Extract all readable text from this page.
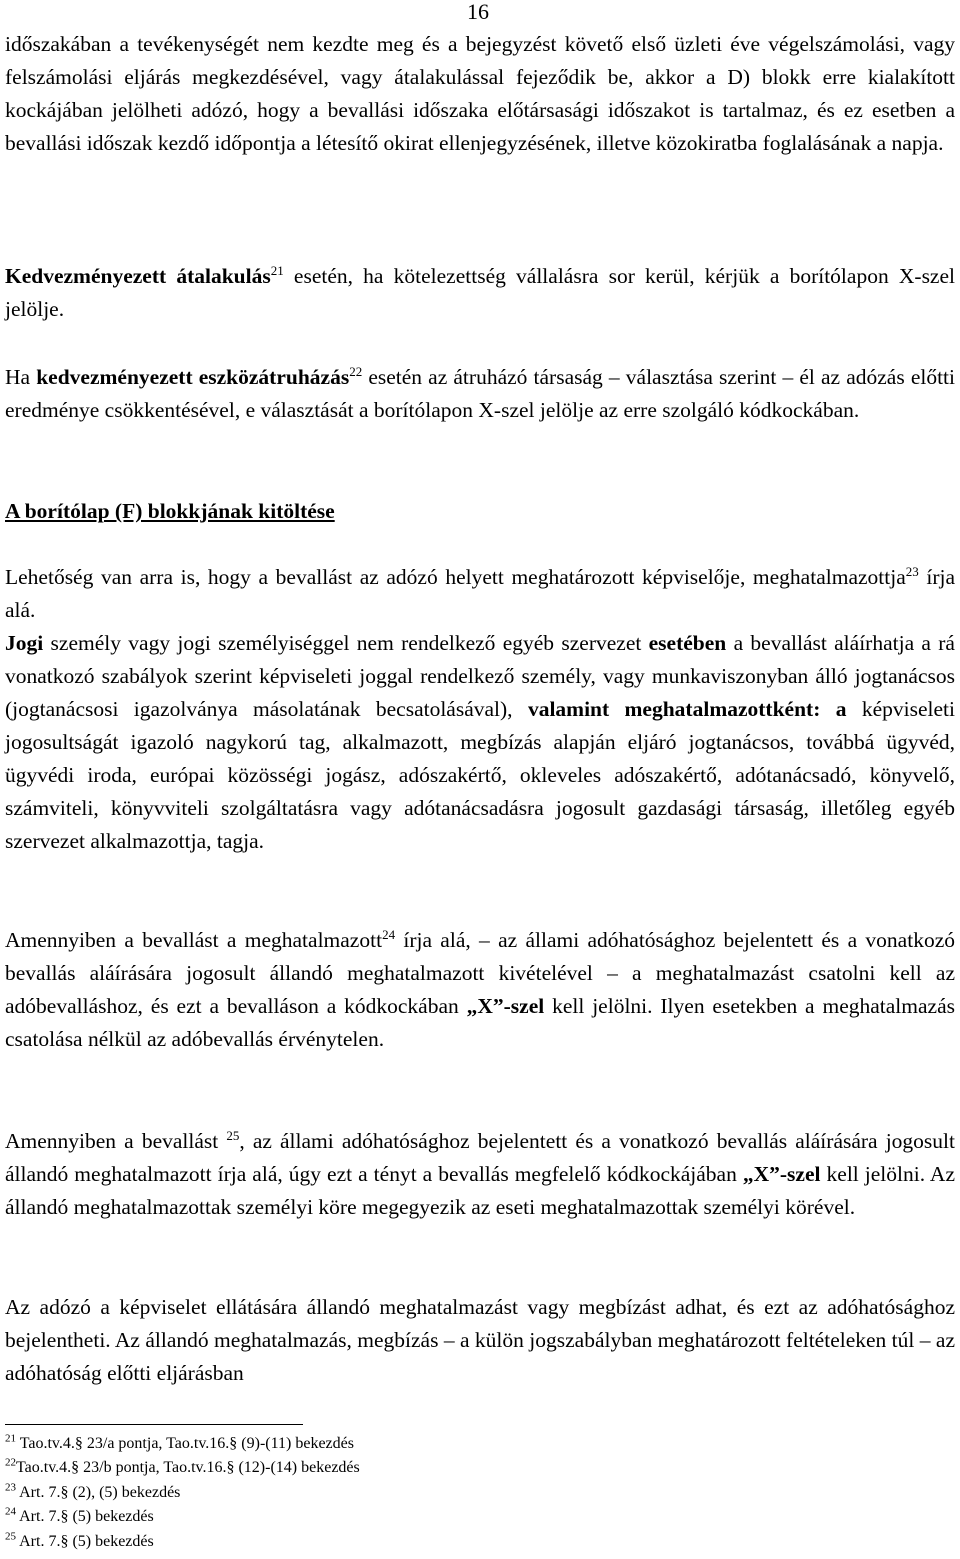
16
időszakában a tevékenységét nem kezdte meg és a bejegyzést követő első üzleti éve végelszámolási, vagy felszámolási eljárás megkezdésével, vagy átalakulással fejeződik be, akkor a D) blokk erre kialakított kockájában jelölheti adózó, hogy a bevallási időszaka előtársasági időszakot is tartalmaz, és ez esetben a bevallási időszak kezdő időpontja a létesítő okirat ellenjegyzésének, illetve közokiratba foglalásának a napja.
Kedvezményezett átalakulás$^{21}$ esetén, ha kötelezettség vállalásra sor kerül, kérjük a borítólapon X-szel jelölje.
Ha kedvezményezett eszközátruházás$^{22}$ esetén az átruházó társaság – választása szerint – él az adózás előtti eredménye csökkentésével, e választását a borítólapon X-szel jelölje az erre szolgáló kódkockában.
A borítólap (F) blokkjának kitöltése
Lehetőség van arra is, hogy a bevallást az adózó helyett meghatározott képviselője, meghatalmazottja$^{23}$ írja alá.
Jogi személy vagy jogi személyiséggel nem rendelkező egyéb szervezet esetében a bevallást aláírhatja a rá vonatkozó szabályok szerint képviseleti joggal rendelkező személy, vagy munkaviszonyban álló jogtanácsos (jogtanácsosi igazolványa másolatának becsatolásával), valamint meghatalmazottként: a képviseleti jogosultságát igazoló nagykorú tag, alkalmazott, megbízás alapján eljáró jogtanácsos, továbbá ügyvéd, ügyvédi iroda, európai közösségi jogász, adószakértő, okleveles adószakértő, adótanácsadó, könyvelő, számviteli, könyvviteli szolgáltatásra vagy adótanácsadásra jogosult gazdasági társaság, illetőleg egyéb szervezet alkalmazottja, tagja.
Amennyiben a bevallást a meghatalmazott$^{24}$ írja alá, – az állami adóhatósághoz bejelentett és a vonatkozó bevallás aláírására jogosult állandó meghatalmazott kivételével – a meghatalmazást csatolni kell az adóbevalláshoz, és ezt a bevalláson a kódkockában „X”-szel kell jelölni. Ilyen esetekben a meghatalmazás csatolása nélkül az adóbevallás érvénytelen.
Amennyiben a bevallást $^{25}$, az állami adóhatósághoz bejelentett és a vonatkozó bevallás aláírására jogosult állandó meghatalmazott írja alá, úgy ezt a tényt a bevallás megfelelő kódkockájában „X”-szel kell jelölni. Az állandó meghatalmazottak személyi köre megegyezik az eseti meghatalmazottak személyi körével.
Az adózó a képviselet ellátására állandó meghatalmazást vagy megbízást adhat, és ezt az adóhatósághoz bejelentheti. Az állandó meghatalmazás, megbízás – a külön jogszabályban meghatározott feltételeken túl – az adóhatóság előtti eljárásban
$^{21}$ Tao.tv.4.§ 23/a pontja, Tao.tv.16.§ (9)-(11) bekezdés
$^{22}$Tao.tv.4.§ 23/b pontja, Tao.tv.16.§ (12)-(14) bekezdés
$^{23}$ Art. 7.§ (2), (5) bekezdés
$^{24}$ Art. 7.§ (5) bekezdés
$^{25}$ Art. 7.§ (5) bekezdés
